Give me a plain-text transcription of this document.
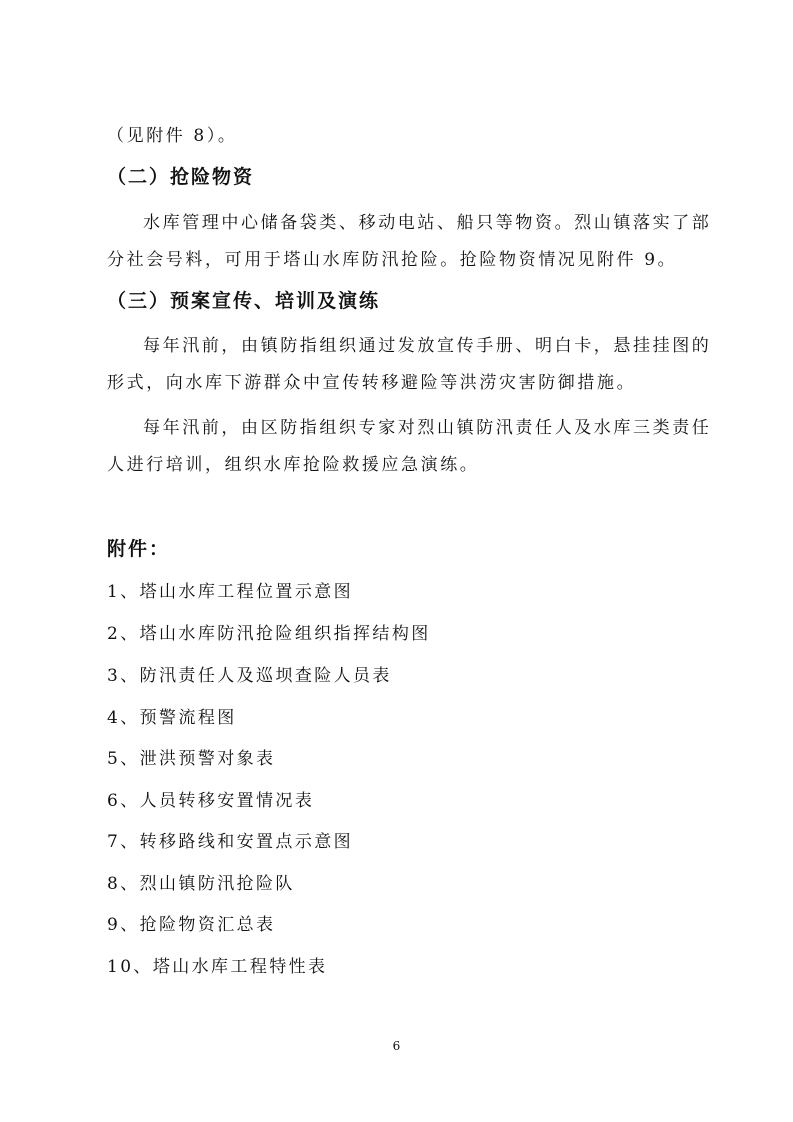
（见附件 8）。
（二）抢险物资
水库管理中心储备袋类、移动电站、船只等物资。烈山镇落实了部
分社会号料，可用于塔山水库防汛抢险。抢险物资情况见附件 9。
（三）预案宣传、培训及演练
每年汛前，由镇防指组织通过发放宣传手册、明白卡，悬挂挂图的
形式，向水库下游群众中宣传转移避险等洪涝灾害防御措施。
每年汛前，由区防指组织专家对烈山镇防汛责任人及水库三类责任
人进行培训，组织水库抢险救援应急演练。
附件：
1、塔山水库工程位置示意图
2、塔山水库防汛抢险组织指挥结构图
3、防汛责任人及巡坝查险人员表
4、预警流程图
5、泄洪预警对象表
6、人员转移安置情况表
7、转移路线和安置点示意图
8、烈山镇防汛抢险队
9、抢险物资汇总表
10、塔山水库工程特性表
6
